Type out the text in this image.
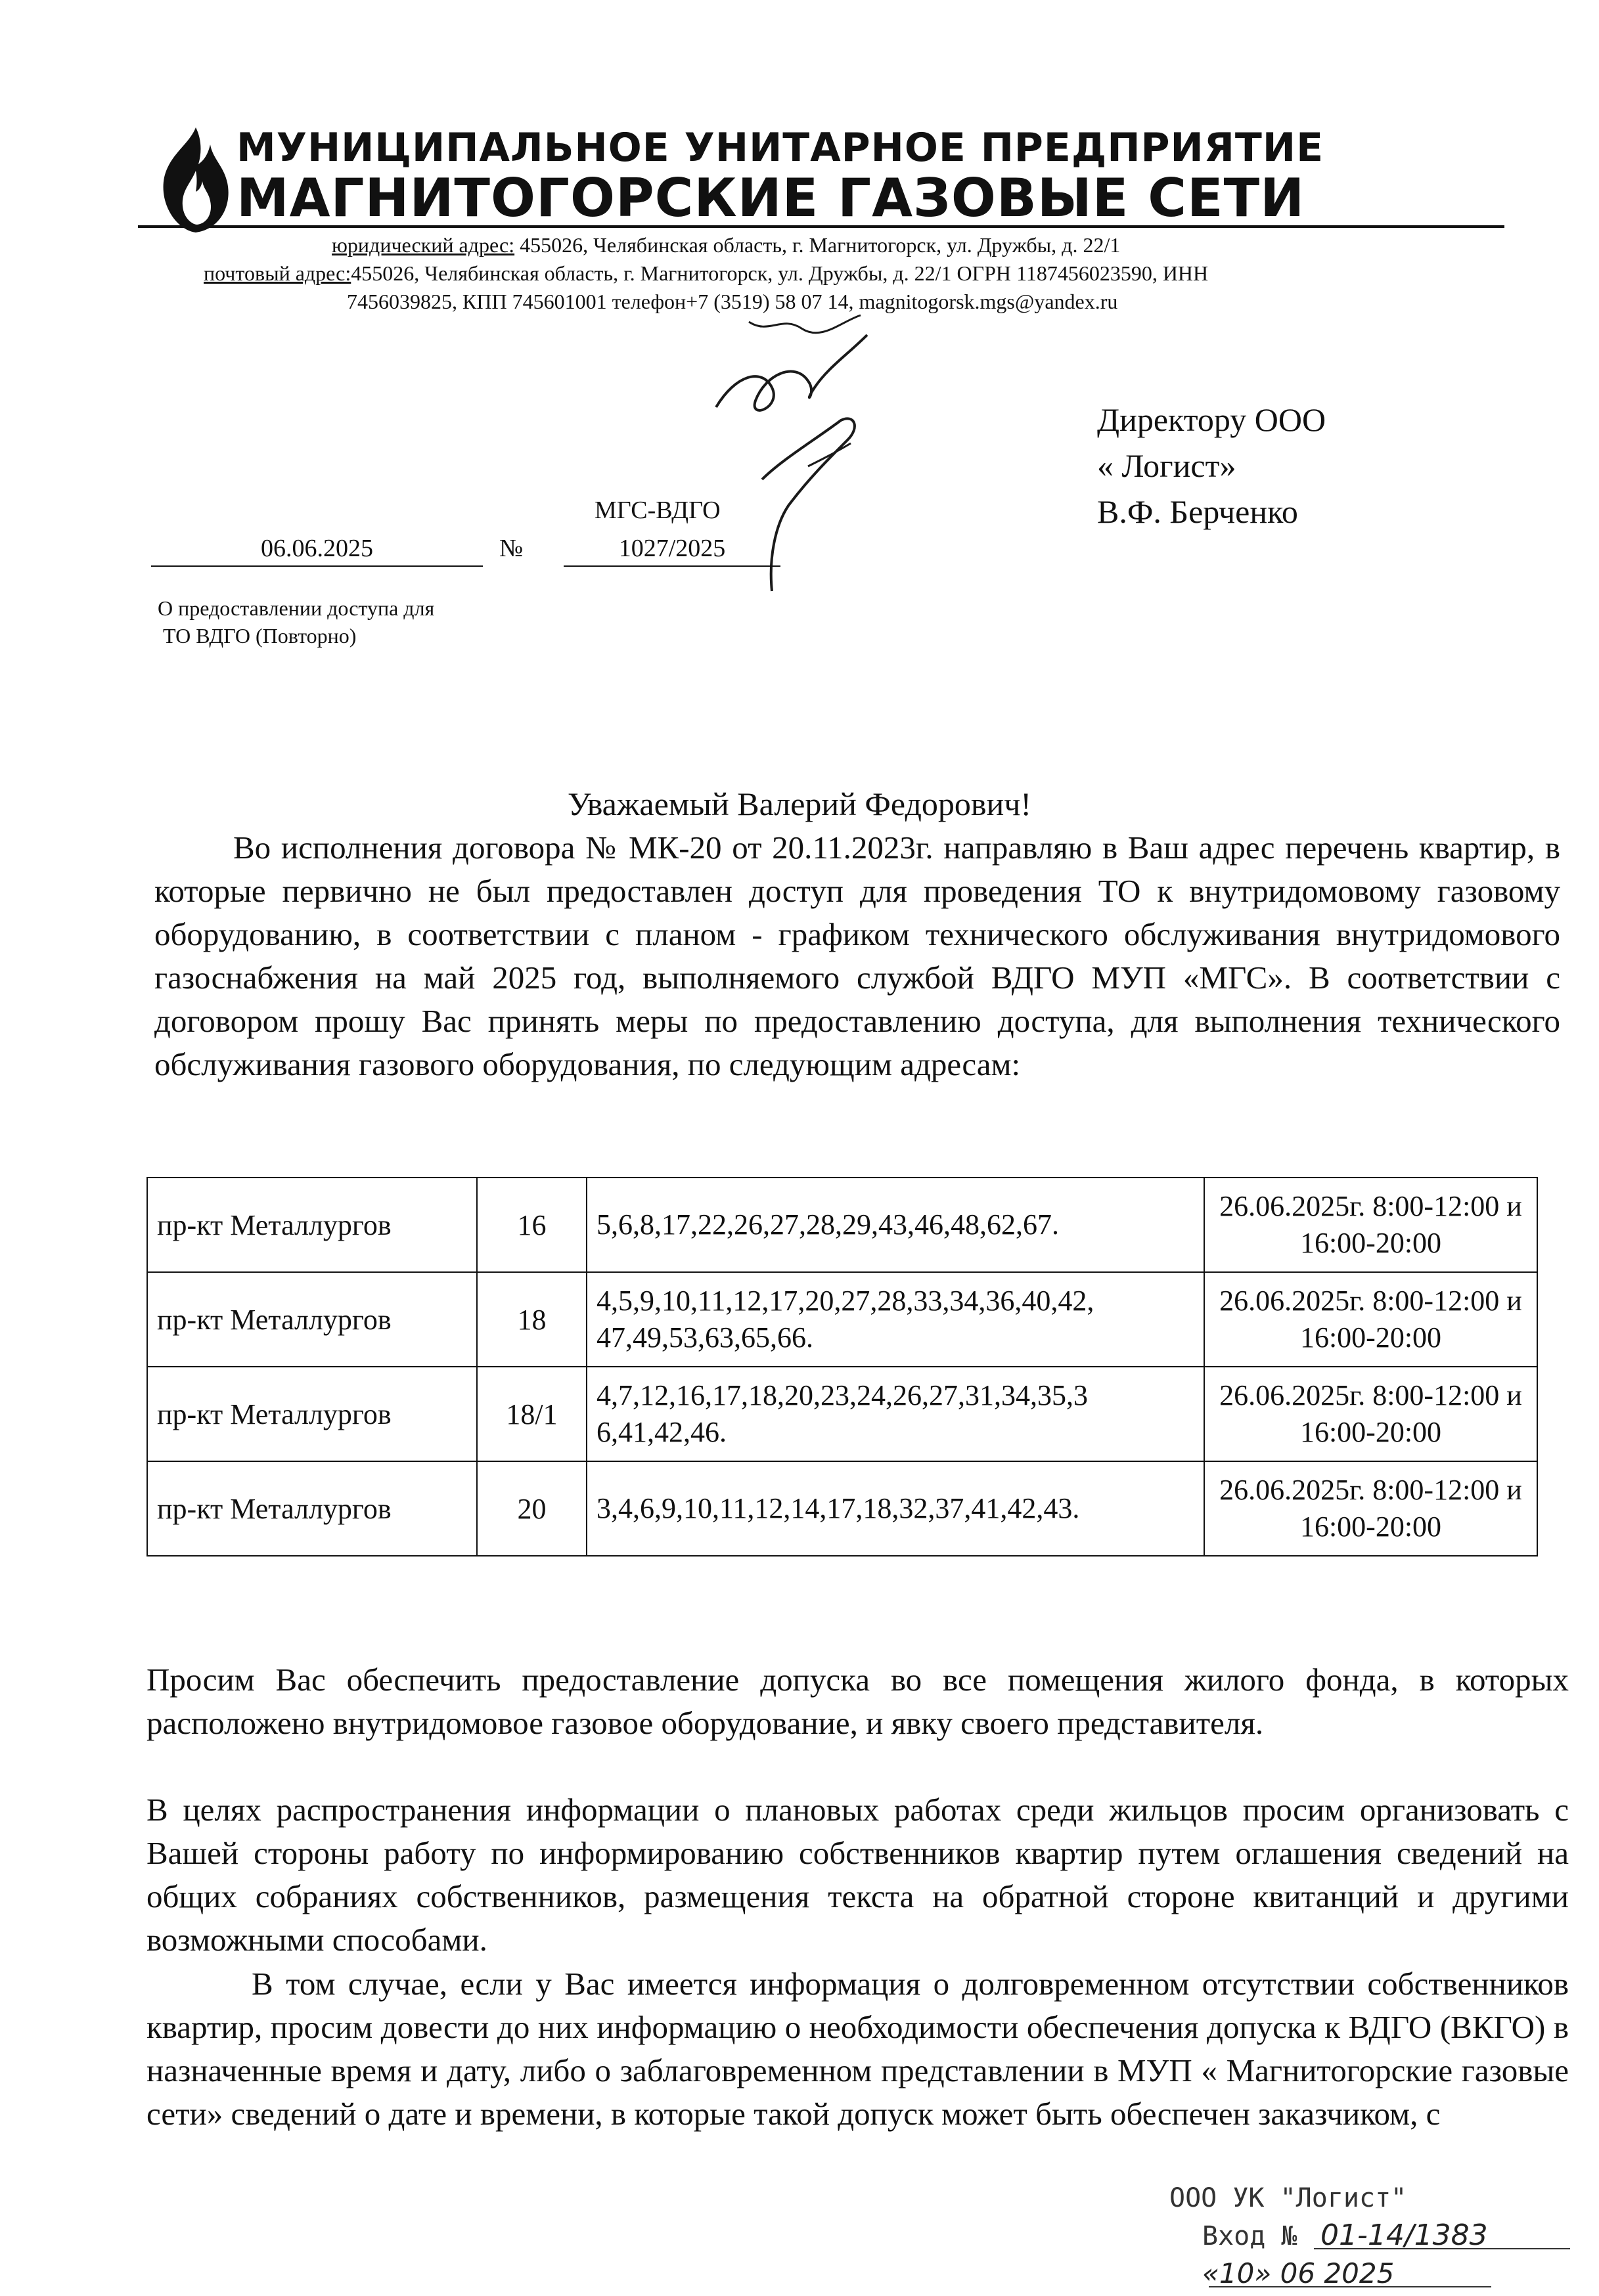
МУНИЦИПАЛЬНОЕ УНИТАРНОЕ ПРЕДПРИЯТИЕ
МАГНИТОГОРСКИЕ ГАЗОВЫЕ СЕТИ
юридический адрес: 455026, Челябинская область, г. Магнитогорск, ул. Дружбы, д. 22/1
почтовый адрес:455026, Челябинская область, г. Магнитогорск, ул. Дружбы, д. 22/1 ОГРН 1187456023590, ИНН
7456039825, КПП 745601001 телефон+7 (3519) 58 07 14, magnitogorsk.mgs@yandex.ru
Директору ООО
« Логист»
В.Ф. Берченко
МГС-ВДГО
06.06.2025	№	1027/2025
О предоставлении доступа для
ТО ВДГО (Повторно)
Уважаемый Валерий Федорович!
Во исполнения договора № МК-20 от 20.11.2023г. направляю в Ваш адрес перечень квартир, в которые первично не был предоставлен доступ для проведения ТО к внутридомовому газовому оборудованию, в соответствии с планом - графиком технического обслуживания внутридомового газоснабжения на май 2025 год, выполняемого службой ВДГО МУП «МГС». В соответствии с договором прошу Вас принять меры по предоставлению доступа, для выполнения технического обслуживания газового оборудования, по следующим адресам:
пр-кт Металлургов	16	5,6,8,17,22,26,27,28,29,43,46,48,62,67.	26.06.2025г. 8:00-12:00 и
16:00-20:00

пр-кт Металлургов	18	4,5,9,10,11,12,17,20,27,28,33,34,36,40,42, 47,49,53,63,65,66.	26.06.2025г. 8:00-12:00 и
16:00-20:00

пр-кт Металлургов	18/1	4,7,12,16,17,18,20,23,24,26,27,31,34,35,3 6,41,42,46.	26.06.2025г. 8:00-12:00 и
16:00-20:00

пр-кт Металлургов	20	3,4,6,9,10,11,12,14,17,18,32,37,41,42,43.	26.06.2025г. 8:00-12:00 и
16:00-20:00
Просим Вас обеспечить предоставление допуска во все помещения жилого фонда, в которых расположено внутридомовое газовое оборудование, и явку своего представителя.
В целях распространения информации о плановых работах среди жильцов просим организовать с Вашей стороны работу по информированию собственников квартир путем оглашения сведений на общих собраниях собственников, размещения текста на обратной стороне квитанций и другими возможными способами.
В том случае, если у Вас имеется информация о долговременном отсутствии собственников квартир, просим довести до них информацию о необходимости обеспечения допуска к ВДГО (ВКГО) в назначенные время и дату, либо о заблаговременном представлении в МУП « Магнитогорские газовые сети» сведений о дате и времени, в которые такой допуск может быть обеспечен заказчиком, с
ООО УК "Логист"
Вход № 01-14/1383
«10» 06 2025
